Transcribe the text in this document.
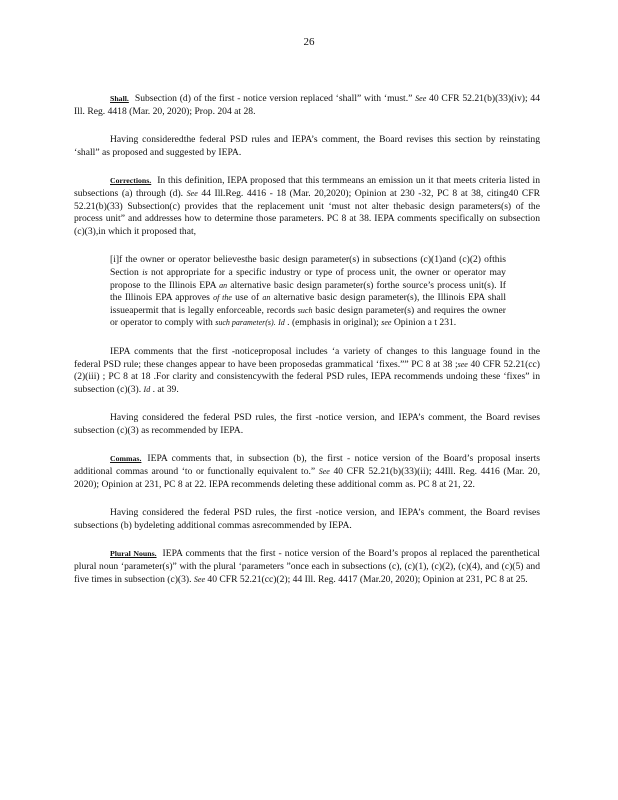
26

Shall. Subsection (d) of the first - notice version replaced ‘shall” with ‘must.” See 40 CFR 52.21(b)(33)(iv); 44 Ill. Reg. 4418 (Mar. 20, 2020); Prop. 204 at 28.

Having consideredthe federal PSD rules and IEPA’s comment, the Board revises this section by reinstating ‘shall” as proposed and suggested by IEPA.

Corrections. In this definition, IEPA proposed that this termmeans an emission un it that meets criteria listed in subsections (a) through (d). See 44 Ill.Reg. 4416 - 18 (Mar. 20,2020); Opinion at 230 -32, PC 8 at 38, citing40 CFR 52.21(b)(33) Subsection(c) provides that the replacement unit ‘must not alter thebasic design parameters(s) of the process unit” and addresses how to determine those parameters. PC 8 at 38. IEPA comments specifically on subsection (c)(3),in which it proposed that,

[i]f the owner or operator believesthe basic design parameter(s) in subsections (c)(1)and (c)(2) ofthis Section is not appropriate for a specific industry or type of process unit, the owner or operator may propose to the Illinois EPA an alternative basic design parameter(s) forthe source’s process unit(s). If the Illinois EPA approves of the use of an alternative basic design parameter(s), the Illinois EPA shall issueapermit that is legally enforceable, records such basic design parameter(s) and requires the owner or operator to comply with such parameter(s). Id . (emphasis in original); see Opinion a t 231.

IEPA comments that the first -noticeproposal includes ‘a variety of changes to this language found in the federal PSD rule; these changes appear to have been proposedas grammatical ‘fixes.”” PC 8 at 38 ;see 40 CFR 52.21(cc)(2)(iii) ; PC 8 at 18 .For clarity and consistencywith the federal PSD rules, IEPA recommends undoing these ‘fixes” in subsection (c)(3). Id . at 39.

Having considered the federal PSD rules, the first -notice version, and IEPA’s comment, the Board revises subsection (c)(3) as recommended by IEPA.

Commas. IEPA comments that, in subsection (b), the first - notice version of the Board’s proposal inserts additional commas around ‘to or functionally equivalent to.” See 40 CFR 52.21(b)(33)(ii); 44Ill. Reg. 4416 (Mar. 20, 2020); Opinion at 231, PC 8 at 22. IEPA recommends deleting these additional comm as. PC 8 at 21, 22.

Having considered the federal PSD rules, the first -notice version, and IEPA’s comment, the Board revises subsections (b) bydeleting additional commas asrecommended by IEPA.

Plural Nouns. IEPA comments that the first - notice version of the Board’s propos al replaced the parenthetical plural noun ‘parameter(s)” with the plural ‘parameters ”once each in subsections (c), (c)(1), (c)(2), (c)(4), and (c)(5) and five times in subsection (c)(3). See 40 CFR 52.21(cc)(2); 44 Ill. Reg. 4417 (Mar.20, 2020); Opinion at 231, PC 8 at 25.
